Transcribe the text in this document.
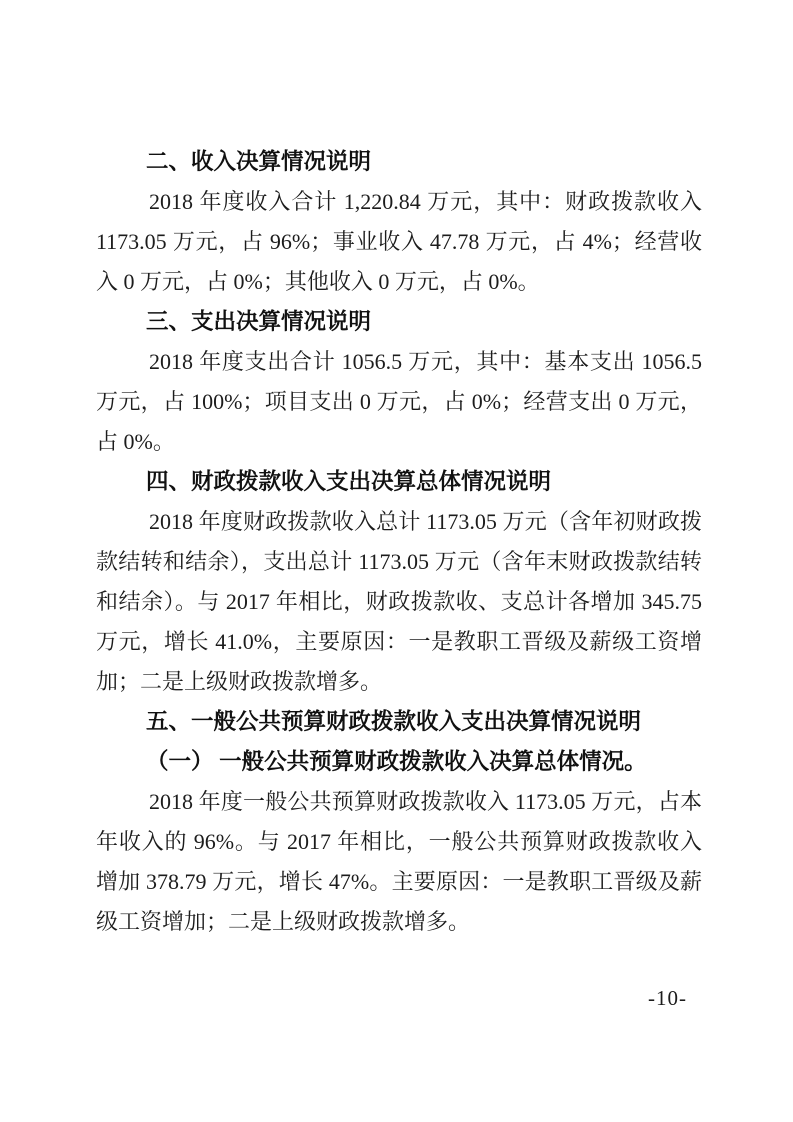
二、收入决算情况说明

2018 年度收入合计 1,220.84 万元，其中：财政拨款收入 1173.05 万元，占 96%；事业收入 47.78 万元，占 4%；经营收入 0 万元，占 0%；其他收入 0 万元，占 0%。

三、支出决算情况说明

2018 年度支出合计 1056.5 万元，其中：基本支出 1056.5 万元，占 100%；项目支出 0 万元，占 0%；经营支出 0 万元，占 0%。

四、财政拨款收入支出决算总体情况说明

2018 年度财政拨款收入总计 1173.05 万元（含年初财政拨款结转和结余），支出总计 1173.05 万元（含年末财政拨款结转和结余）。与 2017 年相比，财政拨款收、支总计各增加 345.75 万元，增长 41.0%，主要原因：一是教职工晋级及薪级工资增加；二是上级财政拨款增多。

五、一般公共预算财政拨款收入支出决算情况说明
（一） 一般公共预算财政拨款收入决算总体情况。

2018 年度一般公共预算财政拨款收入 1173.05 万元，占本年收入的 96%。与 2017 年相比，一般公共预算财政拨款收入增加 378.79 万元，增长 47%。主要原因：一是教职工晋级及薪级工资增加；二是上级财政拨款增多。

-10-
